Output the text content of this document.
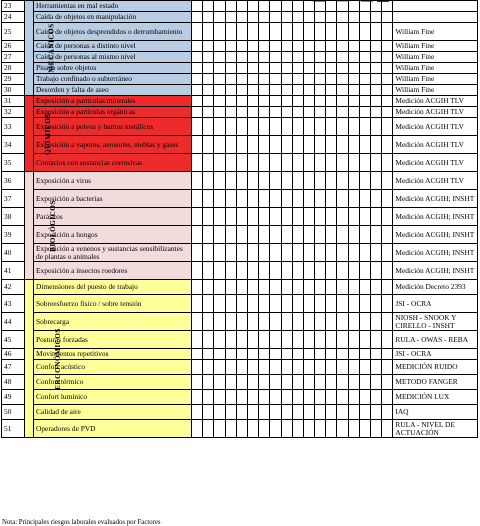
23	MECÁNICOS	Herramientas en mal estado																			
24		Caída de objetos en manipulación																			
25		Caída de objetos desprendidos o derrumbamiento																			William Fine
26		Caída de personas a distinto nivel																			William Fine
27		Caída de personas al mismo nivel																			William Fine
28		Pisada sobre objetos																			William Fine
29		Trabajo confinado o subterráneo																			William Fine
30		Desorden y falta de aseo																			William Fine
31	QUÍMICOS	Exposición a partículas minerales																			Medición ACGIH TLV
32		Exposición a partículas orgánicas																			Medición ACGIH TLV
33		Exposición a polvos y humos metálicos																			Medición ACGIH TLV
34		Exposición a vapores, aerosoles, nieblas y gases																			Medición ACGIH TLV
35		Contactos con sustancias corrosivas																			Medición ACGIH TLV
36	BIOLÓGICOS	Exposición a virus																			Medición ACGIH TLV
37		Exposición a bacterias																			Medición ACGIH; INSHT
38		Parásitos																			Medición ACGIH; INSHT
39		Exposición a hongos																			Medición ACGIH; INSHT
40		Exposición a venenos y sustancias sensibilizantes de plantas o animales																			Medición ACGIH; INSHT
41		Exposición a insectos roedores																			Medición ACGIH; INSHT
42	ERGONÓMICOS	Dimensiones del puesto de trabajo																			Medición Decreto 2393
43		Sobreesfuerzo físico / sobre tensión																			JSI - OCRA
44		Sobrecarga																			NIOSH - SNOOK Y CIRELLO - INSHT
45		Posturas forzadas																			RULA - OWAS - REBA
46		Movimientos repetitivos																			JSI - OCRA
47		Confort acústico																			MEDICIÓN RUIDO
48		Confort térmico																			METODO FANGER
49		Confort lumínico																			MEDICIÓN LUX
50		Calidad de aire																			IAQ
51		Operadores de PVD																			RULA - NIVEL DE ACTUACIÓN
Nota: Principales riesgos laborales evaluados por Factores
